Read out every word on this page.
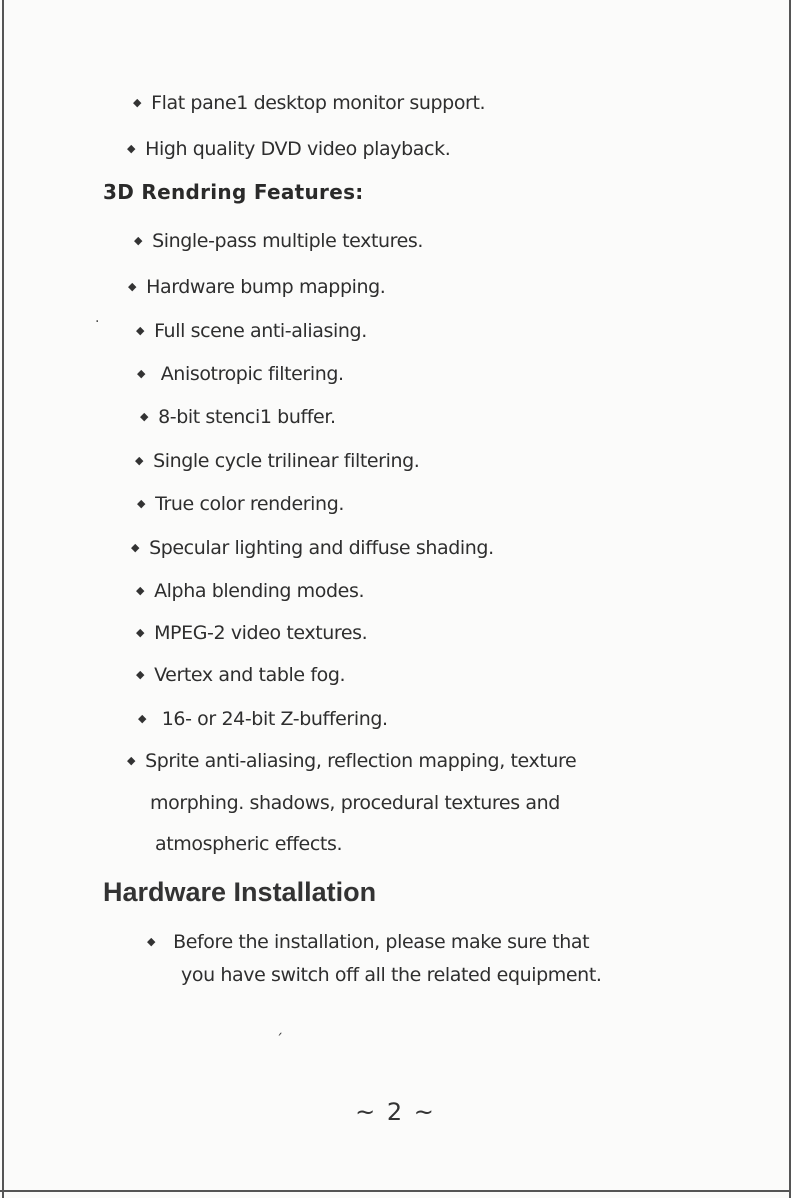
◆ Flat pane1 desktop monitor support.
◆ High quality DVD video playback.
3D Rendring Features:
◆ Single-pass multiple textures.
◆ Hardware bump mapping.
·
◆ Full scene anti-aliasing.
◆ Anisotropic filtering.
◆ 8-bit stenci1 buffer.
◆ Single cycle trilinear filtering.
◆ True color rendering.
◆ Specular lighting and diffuse shading.
◆ Alpha blending modes.
◆ MPEG-2 video textures.
◆ Vertex and table fog.
◆ 16- or 24-bit Z-buffering.
◆ Sprite anti-aliasing, reflection mapping, texture
morphing. shadows, procedural textures and
atmospheric effects.
Hardware Installation
◆ Before the installation, please make sure that
you have switch off all the related equipment.
ˏ
~ 2 ~
